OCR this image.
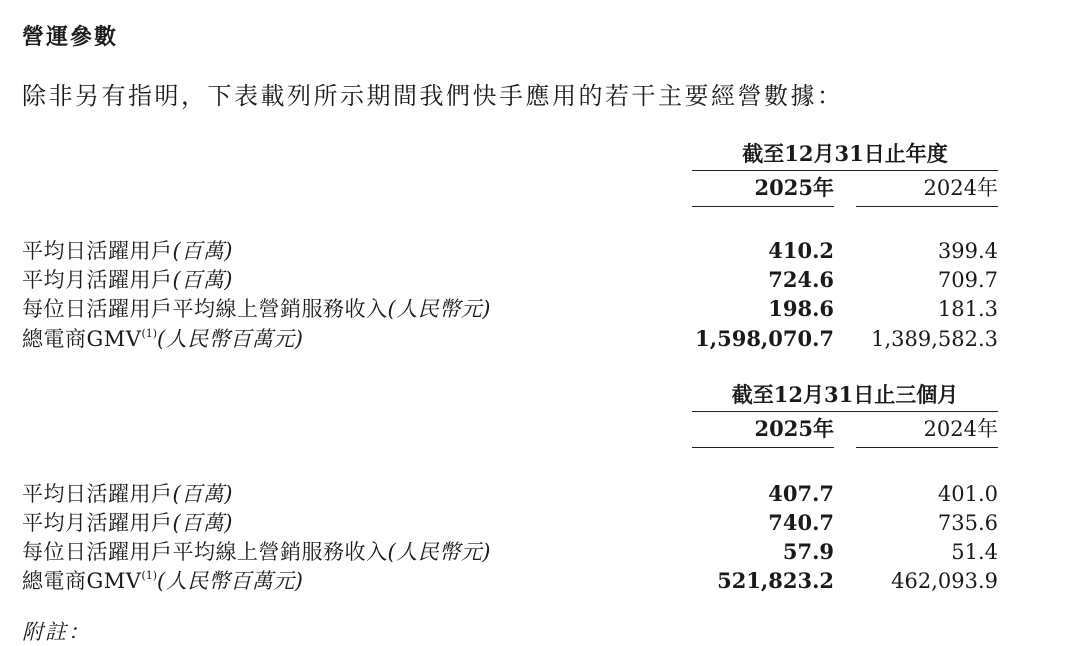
營運參數
除非另有指明，下表載列所示期間我們快手應用的若干主要經營數據：
截至12月31日止年度
2025年	2024年
平均日活躍用戶(百萬)	410.2	399.4
平均月活躍用戶(百萬)	724.6	709.7
每位日活躍用戶平均線上營銷服務收入(人民幣元)	198.6	181.3
總電商GMV$^{(1)}$(人民幣百萬元)	1,598,070.7	1,389,582.3
截至12月31日止三個月
2025年	2024年
平均日活躍用戶(百萬)	407.7	401.0
平均月活躍用戶(百萬)	740.7	735.6
每位日活躍用戶平均線上營銷服務收入(人民幣元)	57.9	51.4
總電商GMV$^{(1)}$(人民幣百萬元)	521,823.2	462,093.9
附註：
